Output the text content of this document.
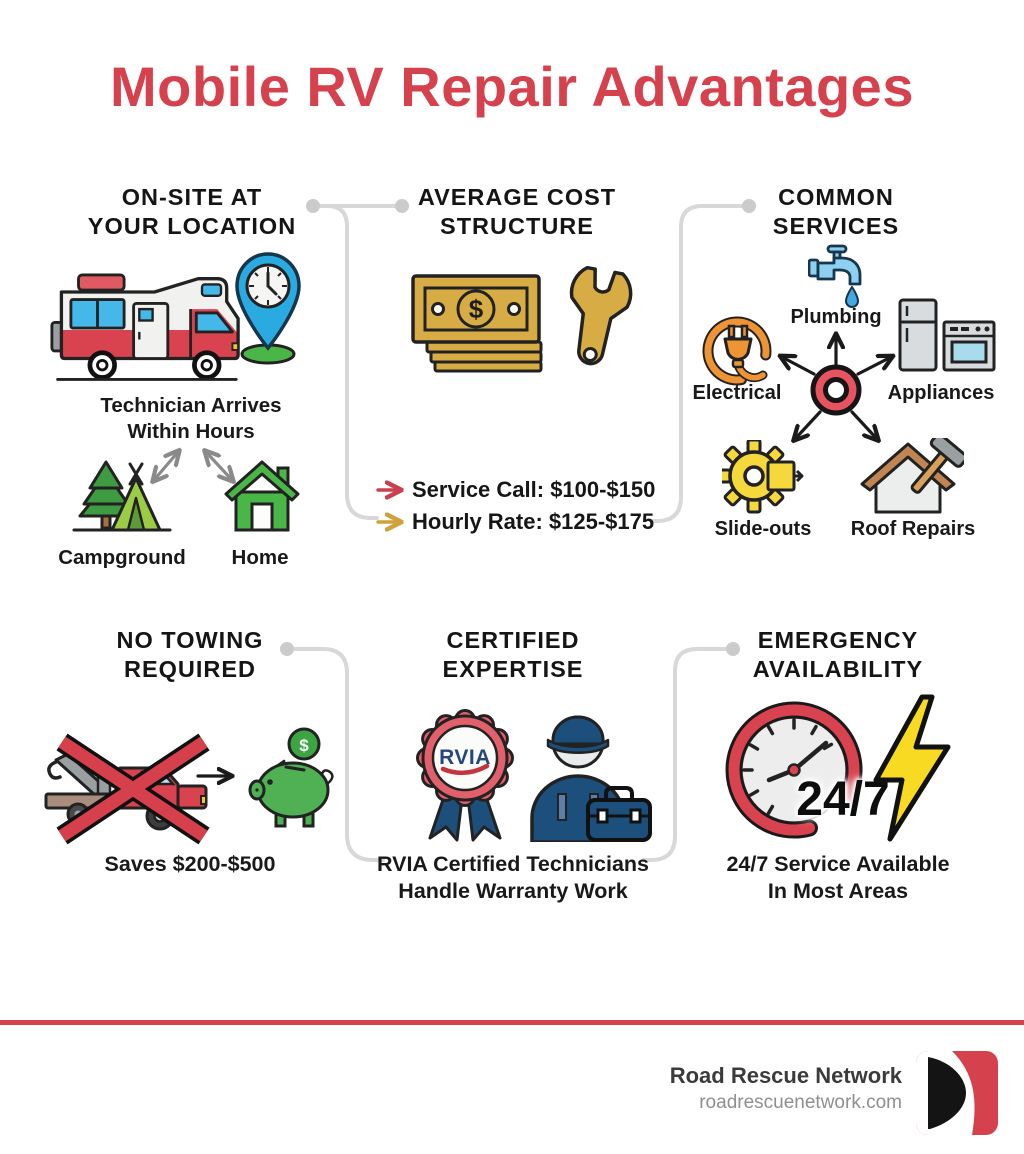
Mobile RV Repair Advantages
ON-SITE AT
YOUR LOCATION
Technician Arrives
Within Hours
Campground	Home
AVERAGE COST
STRUCTURE
$
Service Call: $100-$150
Hourly Rate: $125-$175
COMMON
SERVICES
Plumbing
Electrical	Appliances
Slide-outs	Roof Repairs
NO TOWING
REQUIRED
$
Saves $200-$500
CERTIFIED
EXPERTISE
RVIA
RVIA Certified Technicians
Handle Warranty Work
EMERGENCY
AVAILABILITY
24/7
24/7 Service Available
In Most Areas
Road Rescue Network
roadrescuenetwork.com
